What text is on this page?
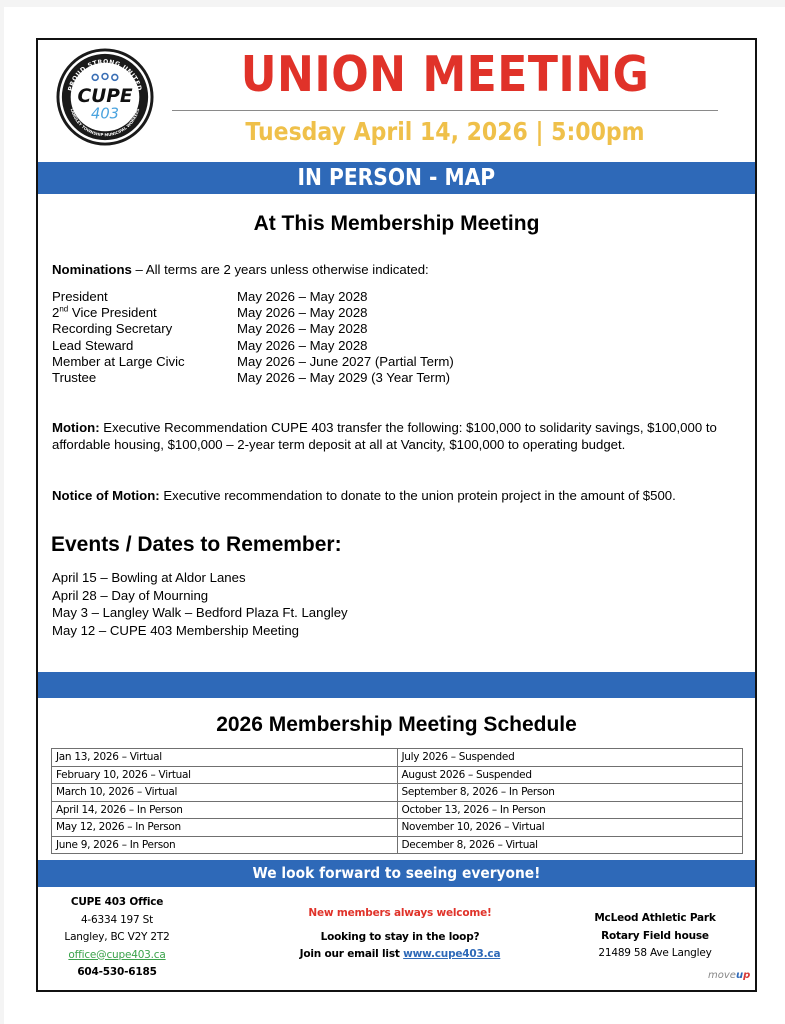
PROUD STRONG UNITED
LANGLEY TOWNSHIP MUNICIPAL WORKERS
CUPE
403
UNION MEETING
Tuesday April 14, 2026 | 5:00pm
IN PERSON - MAP
At This Membership Meeting
Nominations – All terms are 2 years unless otherwise indicated:
President	May 2026 – May 2028
2nd Vice President	May 2026 – May 2028
Recording Secretary	May 2026 – May 2028
Lead Steward	May 2026 – May 2028
Member at Large Civic	May 2026 – June 2027 (Partial Term)
Trustee	May 2026 – May 2029 (3 Year Term)
Motion: Executive Recommendation CUPE 403 transfer the following: $100,000 to solidarity savings, $100,000 to affordable housing, $100,000 – 2-year term deposit at all at Vancity, $100,000 to operating budget.
Notice of Motion: Executive recommendation to donate to the union protein project in the amount of $500.
Events / Dates to Remember:
April 15 – Bowling at Aldor Lanes
April 28 – Day of Mourning
May 3 – Langley Walk – Bedford Plaza Ft. Langley
May 12 – CUPE 403 Membership Meeting
2026 Membership Meeting Schedule
Jan 13, 2026 – Virtual	July 2026 – Suspended
February 10, 2026 – Virtual	August 2026 – Suspended
March 10, 2026 – Virtual	September 8, 2026 – In Person
April 14, 2026 – In Person	October 13, 2026 – In Person
May 12, 2026 – In Person	November 10, 2026 – Virtual
June 9, 2026 – In Person	December 8, 2026 – Virtual
We look forward to seeing everyone!
CUPE 403 Office
4-6334 197 St
Langley, BC V2Y 2T2
office@cupe403.ca
604-530-6185
New members always welcome!
Looking to stay in the loop?
Join our email list www.cupe403.ca
McLeod Athletic Park
Rotary Field house
21489 58 Ave Langley
moveup
